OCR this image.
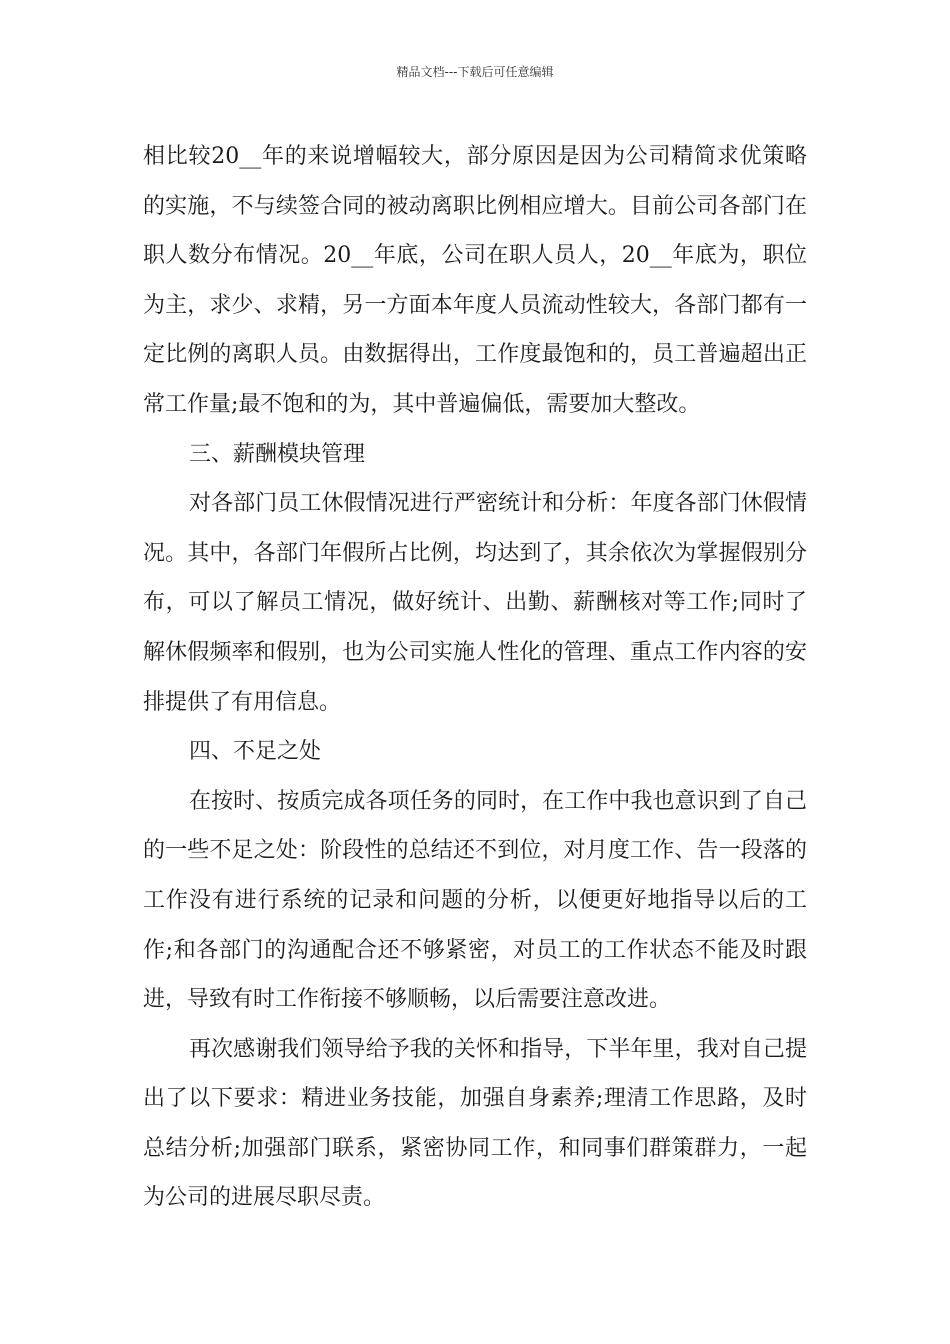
精品文档---下载后可任意编辑

相比较20__年的来说增幅较大，部分原因是因为公司精简求优策略的实施，不与续签合同的被动离职比例相应增大。目前公司各部门在职人数分布情况。20__年底，公司在职人员人，20__年底为，职位为主，求少、求精，另一方面本年度人员流动性较大，各部门都有一定比例的离职人员。由数据得出，工作度最饱和的，员工普遍超出正常工作量;最不饱和的为，其中普遍偏低，需要加大整改。

三、薪酬模块管理

对各部门员工休假情况进行严密统计和分析：年度各部门休假情况。其中，各部门年假所占比例，均达到了，其余依次为掌握假别分布，可以了解员工情况，做好统计、出勤、薪酬核对等工作;同时了解休假频率和假别，也为公司实施人性化的管理、重点工作内容的安排提供了有用信息。

四、不足之处

在按时、按质完成各项任务的同时，在工作中我也意识到了自己的一些不足之处：阶段性的总结还不到位，对月度工作、告一段落的工作没有进行系统的记录和问题的分析，以便更好地指导以后的工作;和各部门的沟通配合还不够紧密，对员工的工作状态不能及时跟进，导致有时工作衔接不够顺畅，以后需要注意改进。

再次感谢我们领导给予我的关怀和指导，下半年里，我对自己提出了以下要求：精进业务技能，加强自身素养;理清工作思路，及时总结分析;加强部门联系，紧密协同工作，和同事们群策群力，一起为公司的进展尽职尽责。
